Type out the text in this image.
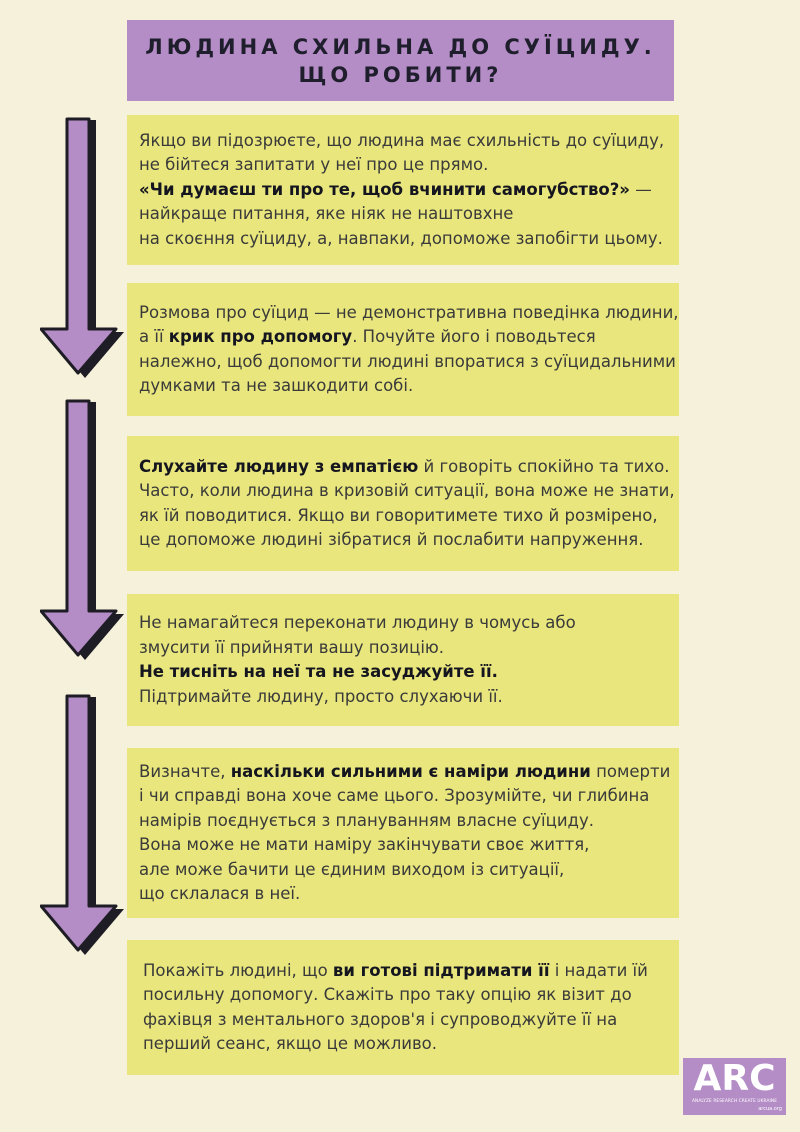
ЛЮДИНА СХИЛЬНА ДО СУЇЦИДУ.
ЩО РОБИТИ?
Якщо ви підозрюєте, що людина має схильність до суїциду,
не бійтеся запитати у неї про це прямо.
«Чи думаєш ти про те, щоб вчинити самогубство?» —
найкраще питання, яке ніяк не наштовхне
на скоєння суїциду, а, навпаки, допоможе запобігти цьому.
Розмова про суїцид — не демонстративна поведінка людини,
а її крик про допомогу. Почуйте його і поводьтеся
належно, щоб допомогти людині впоратися з суїцидальними
думками та не зашкодити собі.
Слухайте людину з емпатією й говоріть спокійно та тихо.
Часто, коли людина в кризовій ситуації, вона може не знати,
як їй поводитися. Якщо ви говоритимете тихо й розмірено,
це допоможе людині зібратися й послабити напруження.
Не намагайтеся переконати людину в чомусь або
змусити її прийняти вашу позицію.
Не тисніть на неї та не засуджуйте її.
Підтримайте людину, просто слухаючи її.
Визначте, наскільки сильними є наміри людини померти
і чи справді вона хоче саме цього. Зрозумійте, чи глибина
намірів поєднується з плануванням власне суїциду.
Вона може не мати наміру закінчувати своє життя,
але може бачити це єдиним виходом із ситуації,
що склалася в неї.
Покажіть людині, що ви готові підтримати її і надати їй
посильну допомогу. Скажіть про таку опцію як візит до
фахівця з ментального здоров'я і супроводжуйте її на
перший сеанс, якщо це можливо.
ARC
ANALYZE RESEARCH CREATE UKRAINE
arcua.org
